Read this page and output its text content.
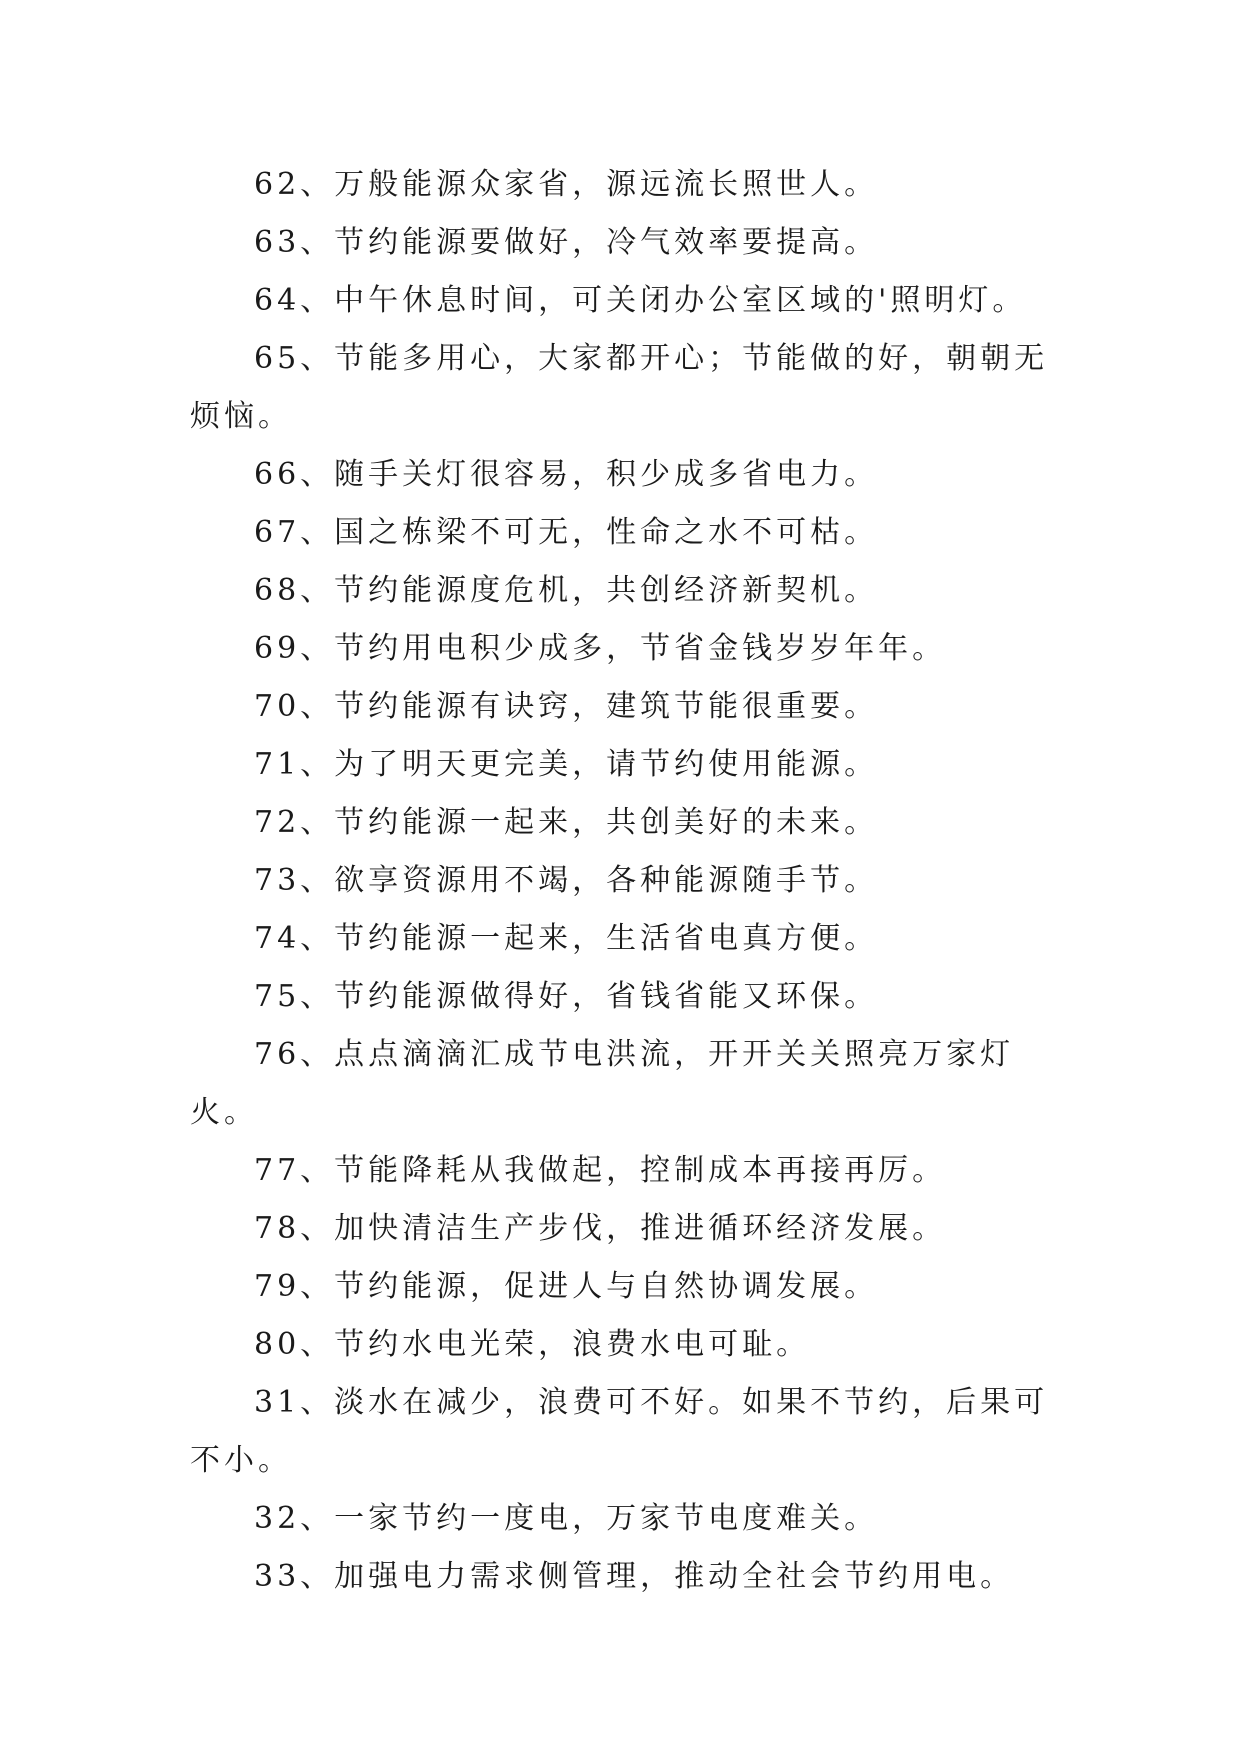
62、万般能源众家省，源远流长照世人。

63、节约能源要做好，冷气效率要提高。

64、中午休息时间，可关闭办公室区域的'照明灯。

65、节能多用心，大家都开心；节能做的好，朝朝无烦恼。

66、随手关灯很容易，积少成多省电力。

67、国之栋梁不可无，性命之水不可枯。

68、节约能源度危机，共创经济新契机。

69、节约用电积少成多，节省金钱岁岁年年。

70、节约能源有诀窍，建筑节能很重要。

71、为了明天更完美，请节约使用能源。

72、节约能源一起来，共创美好的未来。

73、欲享资源用不竭，各种能源随手节。

74、节约能源一起来，生活省电真方便。

75、节约能源做得好，省钱省能又环保。

76、点点滴滴汇成节电洪流，开开关关照亮万家灯火。

77、节能降耗从我做起，控制成本再接再厉。

78、加快清洁生产步伐，推进循环经济发展。

79、节约能源，促进人与自然协调发展。

80、节约水电光荣，浪费水电可耻。

31、淡水在减少，浪费可不好。如果不节约，后果可不小。

32、一家节约一度电，万家节电度难关。

33、加强电力需求侧管理，推动全社会节约用电。
